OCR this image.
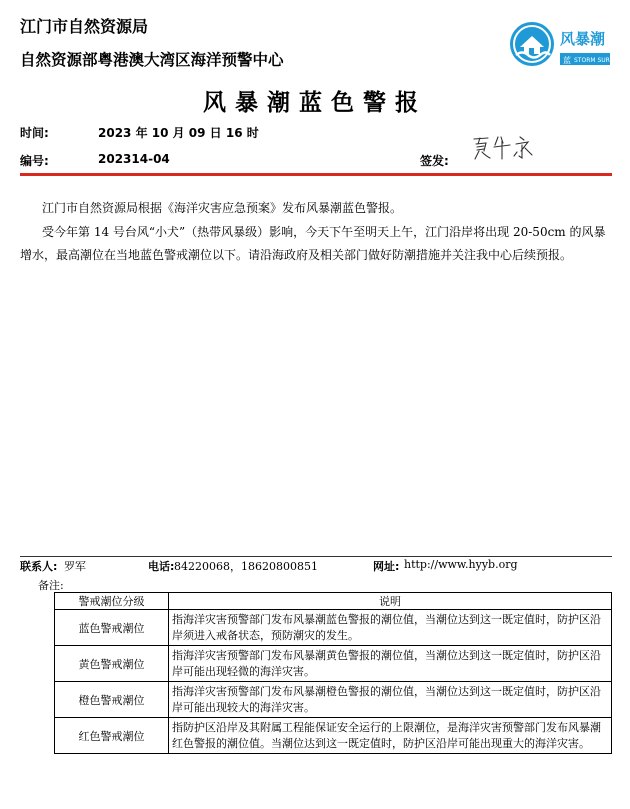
江门市自然资源局
自然资源部粤港澳大湾区海洋预警中心
风暴潮
蓝 STORM SURGE
风暴潮蓝色警报
时间:	2023 年 10 月 09 日 16 时
编号:	202314-04	签发:
江门市自然资源局根据《海洋灾害应急预案》发布风暴潮蓝色警报。
受今年第 14 号台风“小犬”（热带风暴级）影响，今天下午至明天上午，江门沿岸将出现 20-50cm 的风暴增水，最高潮位在当地蓝色警戒潮位以下。请沿海政府及相关部门做好防潮措施并关注我中心后续预报。
联系人: 罗军	电话: 84220068，18620800851	网址: http://www.hyyb.org
备注:
警戒潮位分级	说明
蓝色警戒潮位	指海洋灾害预警部门发布风暴潮蓝色警报的潮位值，当潮位达到这一既定值时，防护区沿岸须进入戒备状态，预防潮灾的发生。
黄色警戒潮位	指海洋灾害预警部门发布风暴潮黄色警报的潮位值，当潮位达到这一既定值时，防护区沿岸可能出现轻微的海洋灾害。
橙色警戒潮位	指海洋灾害预警部门发布风暴潮橙色警报的潮位值，当潮位达到这一既定值时，防护区沿岸可能出现较大的海洋灾害。
红色警戒潮位	指防护区沿岸及其附属工程能保证安全运行的上限潮位，是海洋灾害预警部门发布风暴潮红色警报的潮位值。当潮位达到这一既定值时，防护区沿岸可能出现重大的海洋灾害。
